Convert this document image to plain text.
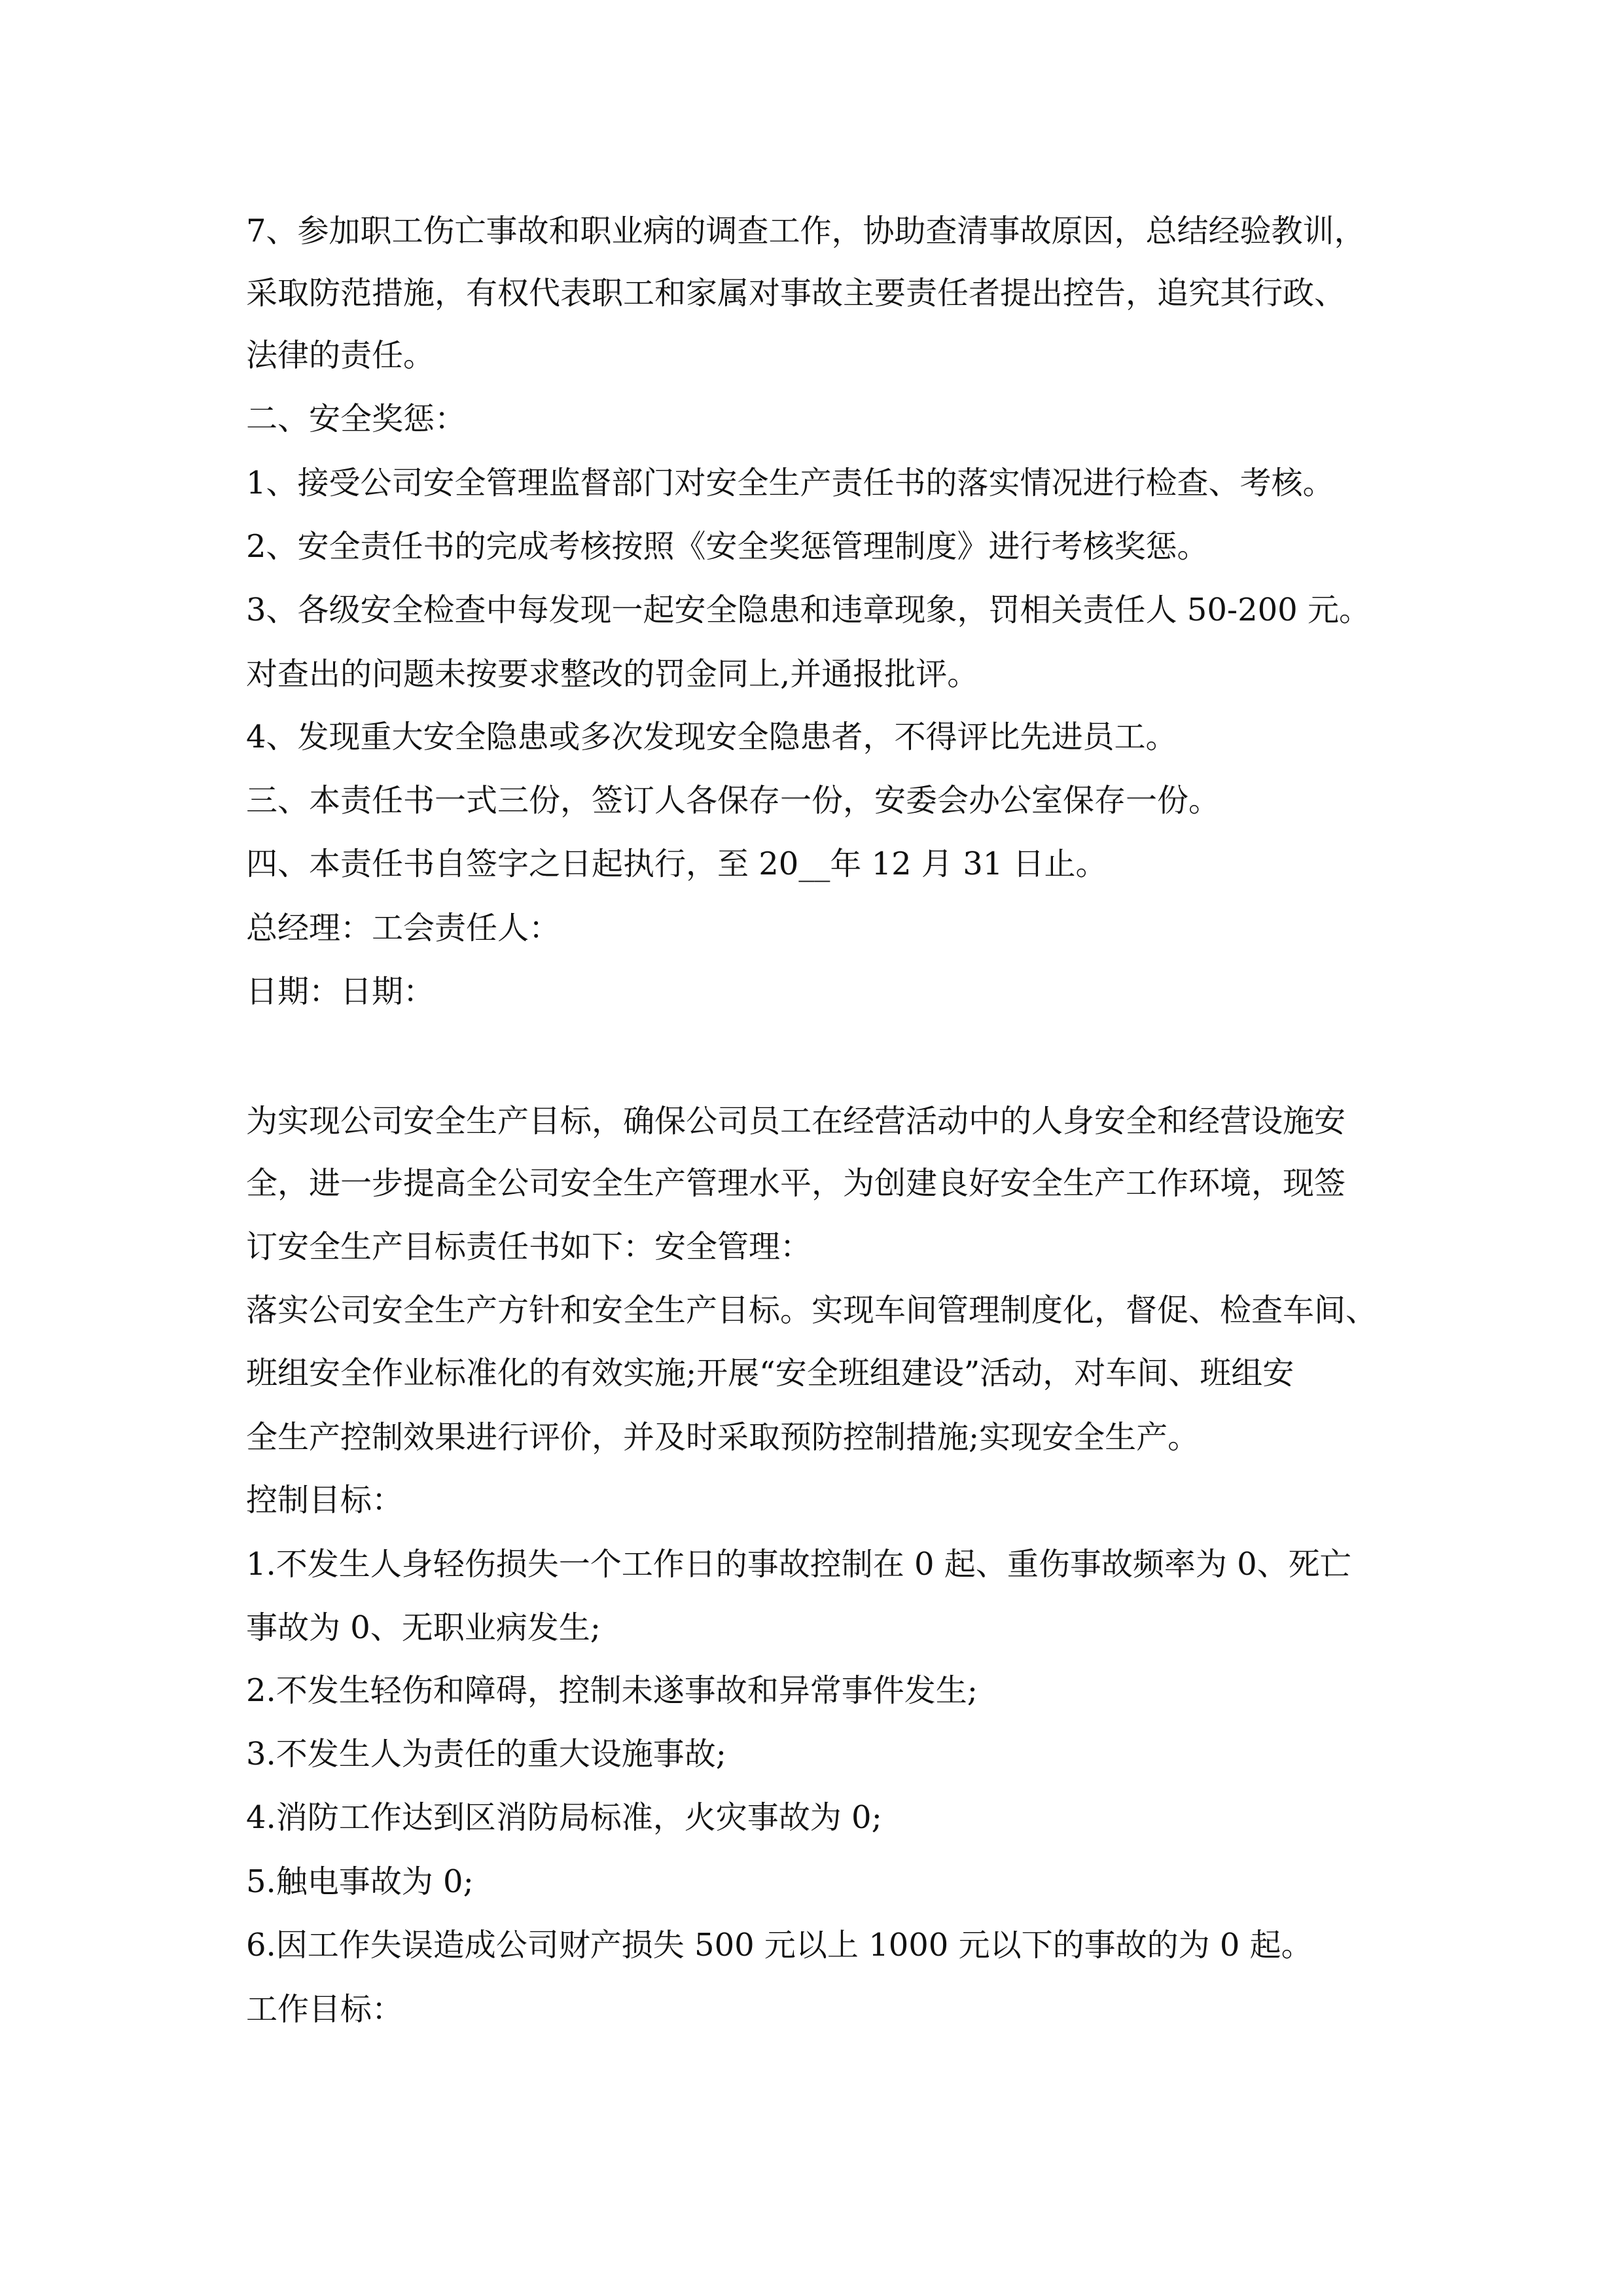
7、参加职工伤亡事故和职业病的调查工作，协助查清事故原因，总结经验教训，
采取防范措施，有权代表职工和家属对事故主要责任者提出控告，追究其行政、
法律的责任。
二、安全奖惩：
1、接受公司安全管理监督部门对安全生产责任书的落实情况进行检查、考核。
2、安全责任书的完成考核按照《安全奖惩管理制度》进行考核奖惩。
3、各级安全检查中每发现一起安全隐患和违章现象，罚相关责任人 50-200 元。
对查出的问题未按要求整改的罚金同上,并通报批评。
4、发现重大安全隐患或多次发现安全隐患者，不得评比先进员工。
三、本责任书一式三份，签订人各保存一份，安委会办公室保存一份。
四、本责任书自签字之日起执行，至 20__年 12 月 31 日止。
总经理：工会责任人：
日期：日期：
为实现公司安全生产目标，确保公司员工在经营活动中的人身安全和经营设施安
全，进一步提高全公司安全生产管理水平，为创建良好安全生产工作环境，现签
订安全生产目标责任书如下：安全管理：
落实公司安全生产方针和安全生产目标。实现车间管理制度化，督促、检查车间、
班组安全作业标准化的有效实施;开展“安全班组建设”活动，对车间、班组安
全生产控制效果进行评价，并及时采取预防控制措施;实现安全生产。
控制目标：
1.不发生人身轻伤损失一个工作日的事故控制在 0 起、重伤事故频率为 0、死亡
事故为 0、无职业病发生;
2.不发生轻伤和障碍，控制未遂事故和异常事件发生;
3.不发生人为责任的重大设施事故;
4.消防工作达到区消防局标准，火灾事故为 0;
5.触电事故为 0;
6.因工作失误造成公司财产损失 500 元以上 1000 元以下的事故的为 0 起。
工作目标：
